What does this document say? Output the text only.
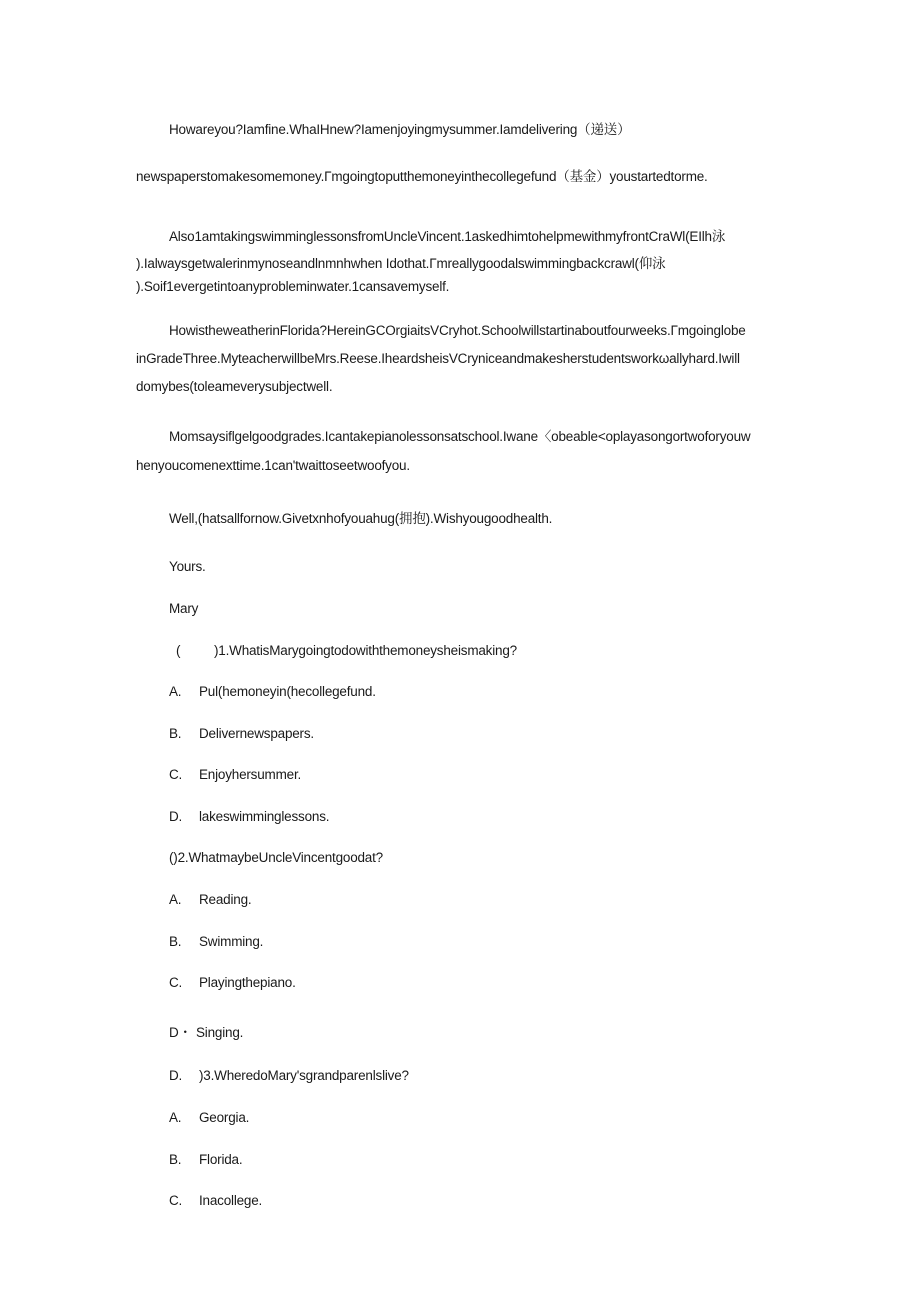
Howareyou?Iamfine.WhaIHnew?Iamenjoyingmysummer.Iamdelivering（递送）
newspaperstomakesomemoney.Γmgoingtoputthemoneyinthecollegefund（基金）youstartedtorme.
Also1amtakingswimminglessonsfromUncleVincent.1askedhimtohelpmewithmyfrontCraWl(EIlh泳
).Ialwaysgetwalerinmynoseandlnmnhwhen Idothat.Γmreallygoodalswimmingbackcrawl(仰泳
).Soif1evergetintoanyprobleminwater.1cansavemyself.
HowistheweatherinFlorida?HereinGCOrgiaitsVCryhot.Schoolwillstartinaboutfourweeks.Γmgoinglobe
inGradeThree.MyteacherwillbeMrs.Reese.IheardsheisVCryniceandmakesherstudentsworkωallyhard.Iwill
domybes(toleameverysubjectwell.
Momsaysiflgelgoodgrades.Icantakepianolessonsatschool.Iwane〈obeable<oplayasongortwoforyouw
henyoucomenexttime.1can'twaittoseetwoofyou.
Well,(hatsallfornow.Givetxnhofyouahug(拥抱).Wishyougoodhealth.
Yours.
Mary
( )1.WhatisMarygoingtodowiththemoneysheismaking?
A. Pul(hemoneyin(hecollegefund.
B. Delivernewspapers.
C. Enjoyhersummer.
D. lakeswimminglessons.
()2.WhatmaybeUncleVincentgoodat?
A. Reading.
B. Swimming.
C. Playingthepiano.
D・ Singing.
D. )3.WheredoMary'sgrandparenlslive?
A. Georgia.
B. Florida.
C. Inacollege.
